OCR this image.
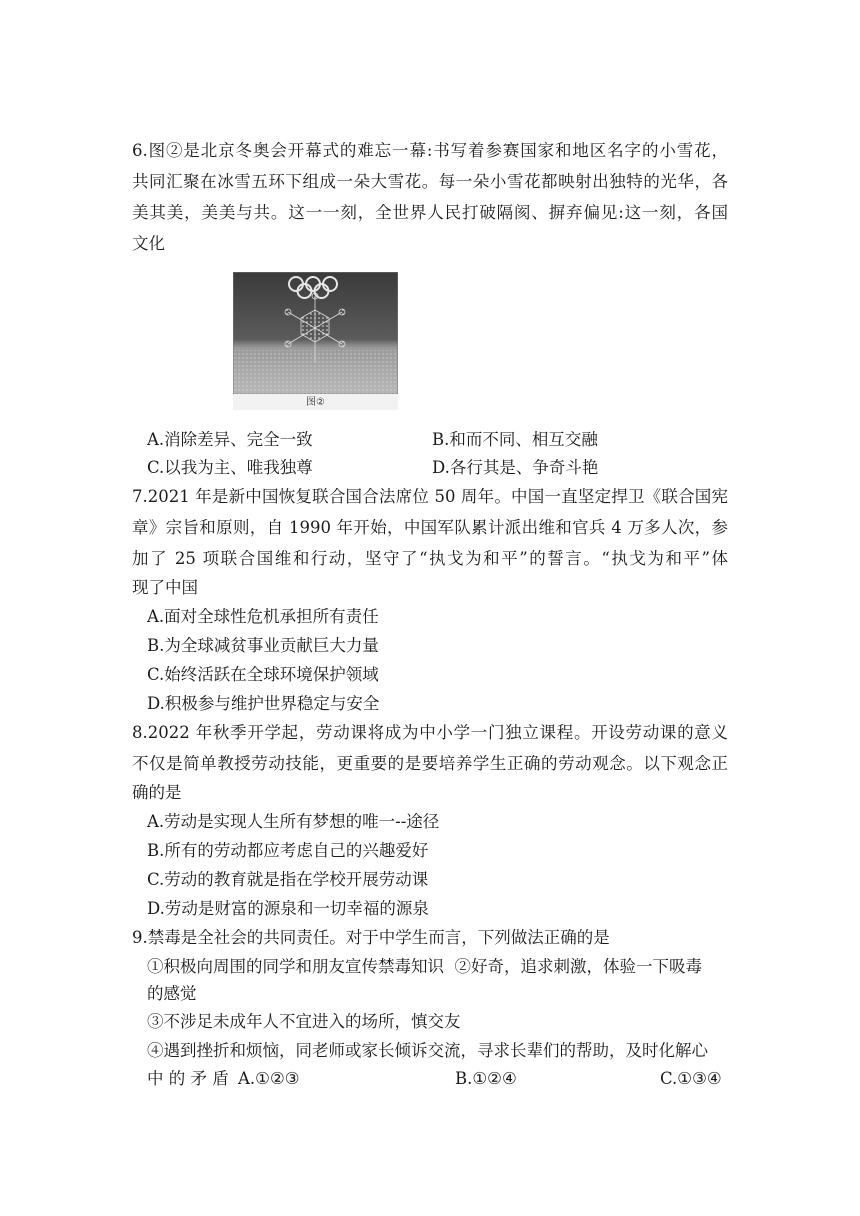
6.图②是北京冬奥会开幕式的难忘一幕:书写着参赛国家和地区名字的小雪花，
共同汇聚在冰雪五环下组成一朵大雪花。每一朵小雪花都映射出独特的光华，各
美其美，美美与共。这一一刻，全世界人民打破隔阂、摒弃偏见:这一刻，各国
文化
图②
A.消除差异、完全一致	B.和而不同、相互交融
C.以我为主、唯我独尊	D.各行其是、争奇斗艳
7.2021 年是新中国恢复联合国合法席位 50 周年。中国一直坚定捍卫《联合国宪
章》宗旨和原则，自 1990 年开始，中国军队累计派出维和官兵 4 万多人次，参
加了 25 项联合国维和行动，坚守了“执戈为和平”的誓言。“执戈为和平”体
现了中国
A.面对全球性危机承担所有责任
B.为全球减贫事业贡献巨大力量
C.始终活跃在全球环境保护领域
D.积极参与维护世界稳定与安全
8.2022 年秋季开学起，劳动课将成为中小学一门独立课程。开设劳动课的意义
不仅是简单教授劳动技能，更重要的是要培养学生正确的劳动观念。以下观念正
确的是
A.劳动是实现人生所有梦想的唯一--途径
B.所有的劳动都应考虑自己的兴趣爱好
C.劳动的教育就是指在学校开展劳动课
D.劳动是财富的源泉和一切幸福的源泉
9.禁毒是全社会的共同责任。对于中学生而言，下列做法正确的是
①积极向周围的同学和朋友宣传禁毒知识  ②好奇，追求刺激，体验一下吸毒
的感觉
③不涉足未成年人不宜进入的场所，慎交友
④遇到挫折和烦恼，同老师或家长倾诉交流，寻求长辈们的帮助，及时化解心
中 的 矛 盾 A.①②③	B.①②④	C.①③④
